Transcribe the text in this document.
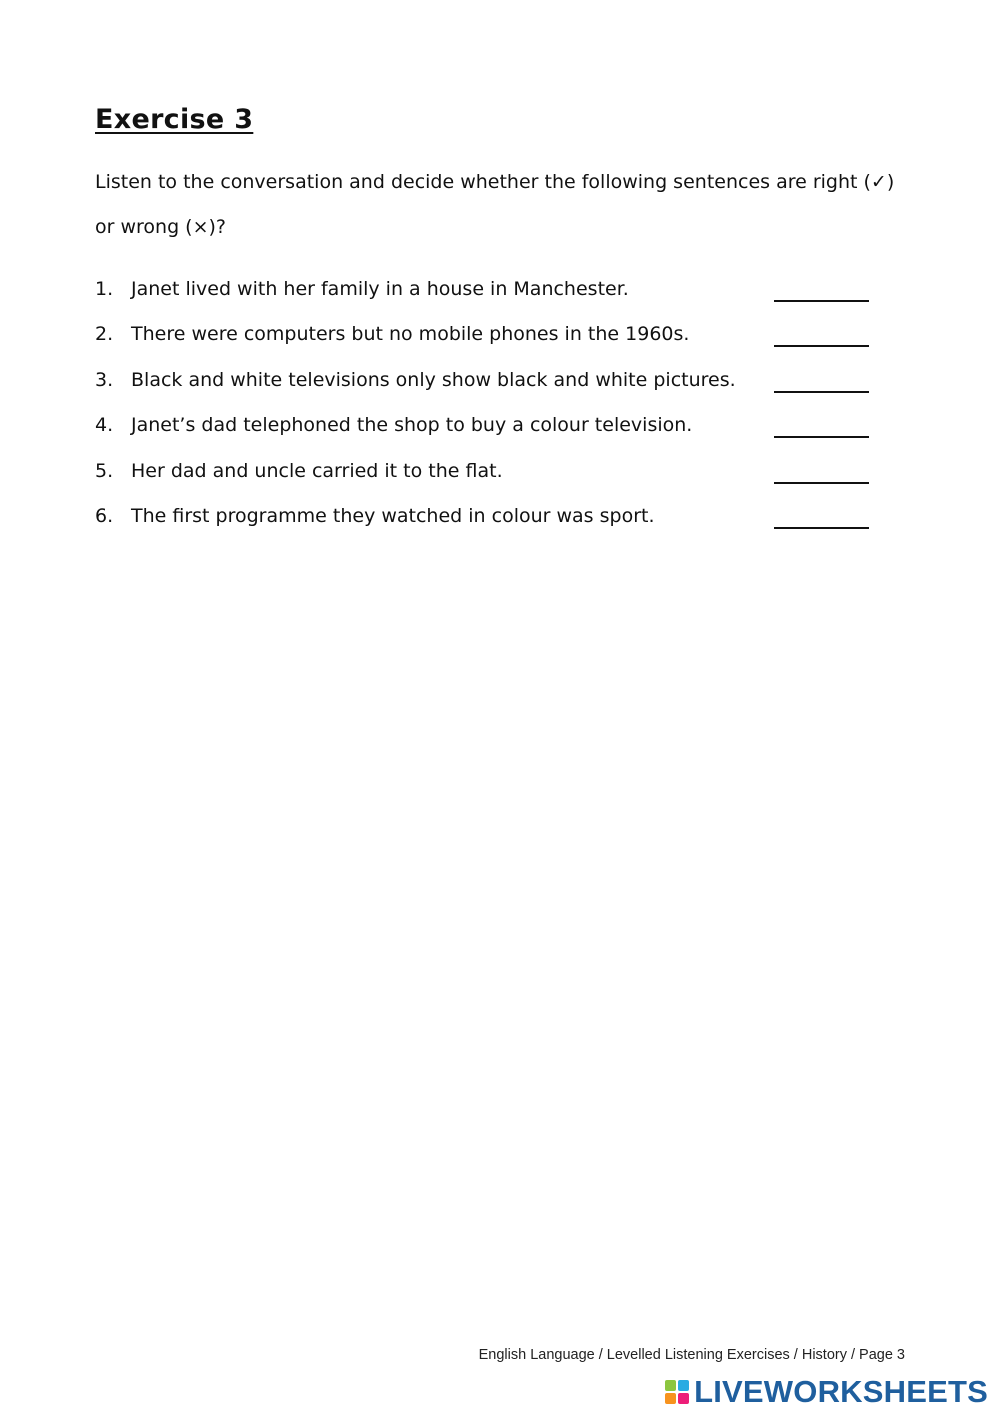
Exercise 3

Listen to the conversation and decide whether the following sentences are right (✓) or wrong (×)?

1. Janet lived with her family in a house in Manchester.
2. There were computers but no mobile phones in the 1960s.
3. Black and white televisions only show black and white pictures.
4. Janet’s dad telephoned the shop to buy a colour television.
5. Her dad and uncle carried it to the flat.
6. The first programme they watched in colour was sport.
English Language / Levelled Listening Exercises / History / Page 3
LIVEWORKSHEETS
